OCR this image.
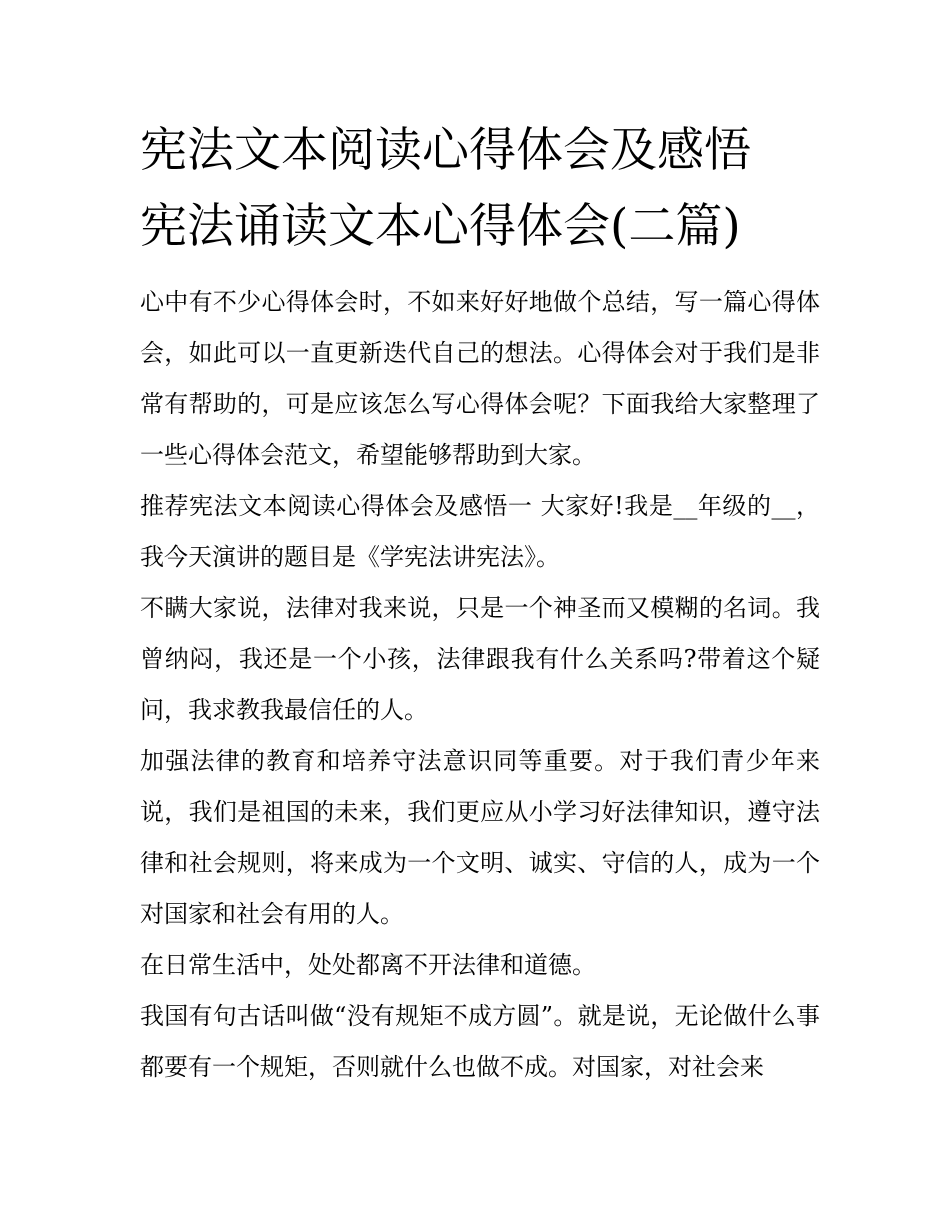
宪法文本阅读心得体会及感悟
宪法诵读文本心得体会(二篇)

心中有不少心得体会时，不如来好好地做个总结，写一篇心得体会，如此可以一直更新迭代自己的想法。心得体会对于我们是非常有帮助的，可是应该怎么写心得体会呢？下面我给大家整理了一些心得体会范文，希望能够帮助到大家。

推荐宪法文本阅读心得体会及感悟一 大家好!我是__年级的__，我今天演讲的题目是《学宪法讲宪法》。

不瞒大家说，法律对我来说，只是一个神圣而又模糊的名词。我曾纳闷，我还是一个小孩，法律跟我有什么关系吗?带着这个疑问，我求教我最信任的人。

加强法律的教育和培养守法意识同等重要。对于我们青少年来说，我们是祖国的未来，我们更应从小学习好法律知识，遵守法律和社会规则，将来成为一个文明、诚实、守信的人，成为一个对国家和社会有用的人。

在日常生活中，处处都离不开法律和道德。

我国有句古话叫做“没有规矩不成方圆”。就是说，无论做什么事都要有一个规矩，否则就什么也做不成。对国家，对社会来
